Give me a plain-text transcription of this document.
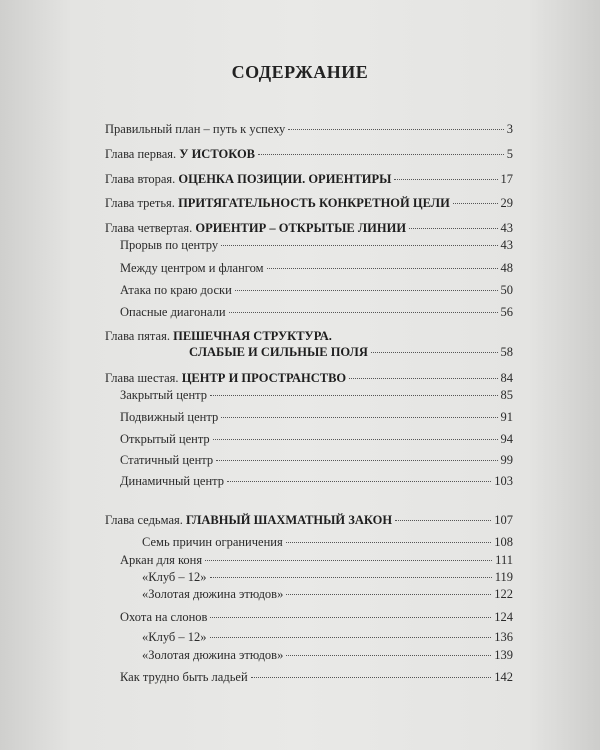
СОДЕРЖАНИЕ
Правильный план – путь к успеху	3
Глава первая. У ИСТОКОВ	5
Глава вторая. ОЦЕНКА ПОЗИЦИИ. ОРИЕНТИРЫ	17
Глава третья. ПРИТЯГАТЕЛЬНОСТЬ КОНКРЕТНОЙ ЦЕЛИ	29
Глава четвертая. ОРИЕНТИР – ОТКРЫТЫЕ ЛИНИИ	43
Прорыв по центру	43
Между центром и флангом	48
Атака по краю доски	50
Опасные диагонали	56
Глава пятая. ПЕШЕЧНАЯ СТРУКТУРА.
СЛАБЫЕ И СИЛЬНЫЕ ПОЛЯ	58
Глава шестая. ЦЕНТР И ПРОСТРАНСТВО	84
Закрытый центр	85
Подвижный центр	91
Открытый центр	94
Статичный центр	99
Динамичный центр	103
Глава седьмая. ГЛАВНЫЙ ШАХМАТНЫЙ ЗАКОН	107
Семь причин ограничения	108
Аркан для коня	111
«Клуб – 12»	119
«Золотая дюжина этюдов»	122
Охота на слонов	124
«Клуб – 12»	136
«Золотая дюжина этюдов»	139
Как трудно быть ладьей	142
